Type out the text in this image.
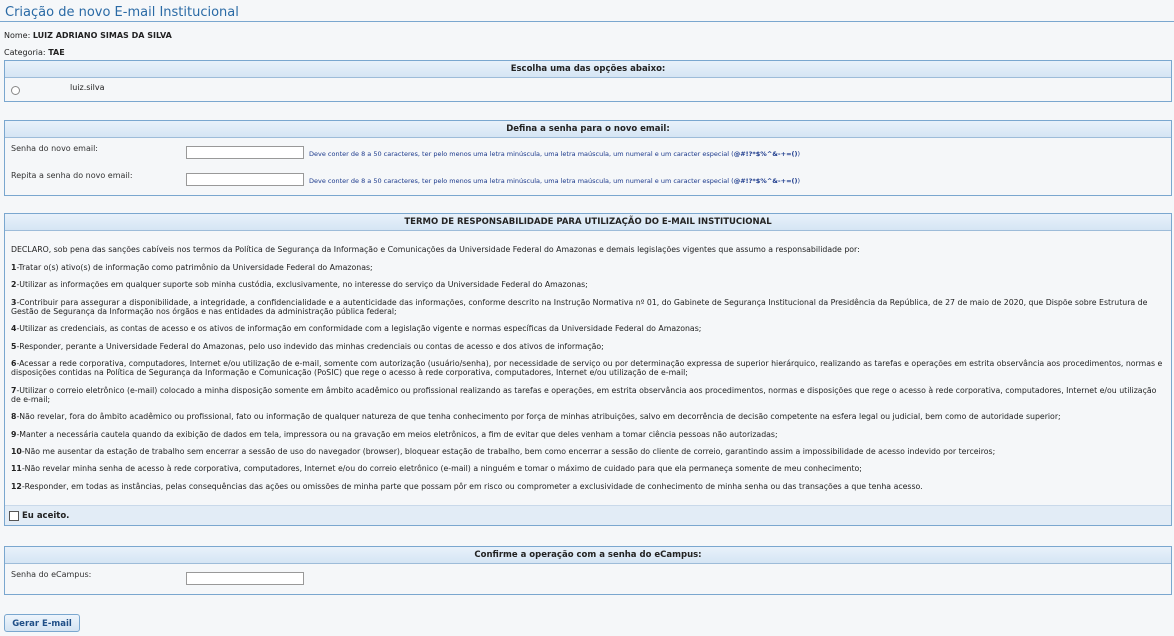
Criação de novo E-mail Institucional
Nome: LUIZ ADRIANO SIMAS DA SILVA
Categoria: TAE
Escolha uma das opções abaixo:
luiz.silva
Defina a senha para o novo email:
Senha do novo email:
Deve conter de 8 a 50 caracteres, ter pelo menos uma letra minúscula, uma letra maúscula, um numeral e um caracter especial (@#!?*$%^&-+=())
Repita a senha do novo email:
Deve conter de 8 a 50 caracteres, ter pelo menos uma letra minúscula, uma letra maúscula, um numeral e um caracter especial (@#!?*$%^&-+=())
TERMO DE RESPONSABILIDADE PARA UTILIZAÇÃO DO E-MAIL INSTITUCIONAL
DECLARO, sob pena das sanções cabíveis nos termos da Política de Segurança da Informação e Comunicações da Universidade Federal do Amazonas e demais legislações vigentes que assumo a responsabilidade por:
1-Tratar o(s) ativo(s) de informação como patrimônio da Universidade Federal do Amazonas;
2-Utilizar as informações em qualquer suporte sob minha custódia, exclusivamente, no interesse do serviço da Universidade Federal do Amazonas;
3-Contribuir para assegurar a disponibilidade, a integridade, a confidencialidade e a autenticidade das informações, conforme descrito na Instrução Normativa nº 01, do Gabinete de Segurança Institucional da Presidência da República, de 27 de maio de 2020, que Dispõe sobre Estrutura de Gestão de Segurança da Informação nos órgãos e nas entidades da administração pública federal;
4-Utilizar as credenciais, as contas de acesso e os ativos de informação em conformidade com a legislação vigente e normas específicas da Universidade Federal do Amazonas;
5-Responder, perante a Universidade Federal do Amazonas, pelo uso indevido das minhas credenciais ou contas de acesso e dos ativos de informação;
6-Acessar a rede corporativa, computadores, Internet e/ou utilização de e-mail, somente com autorização (usuário/senha), por necessidade de serviço ou por determinação expressa de superior hierárquico, realizando as tarefas e operações em estrita observância aos procedimentos, normas e disposições contidas na Política de Segurança da Informação e Comunicação (PoSIC) que rege o acesso à rede corporativa, computadores, Internet e/ou utilização de e-mail;
7-Utilizar o correio eletrônico (e-mail) colocado a minha disposição somente em âmbito acadêmico ou profissional realizando as tarefas e operações, em estrita observância aos procedimentos, normas e disposições que rege o acesso à rede corporativa, computadores, Internet e/ou utilização de e-mail;
8-Não revelar, fora do âmbito acadêmico ou profissional, fato ou informação de qualquer natureza de que tenha conhecimento por força de minhas atribuições, salvo em decorrência de decisão competente na esfera legal ou judicial, bem como de autoridade superior;
9-Manter a necessária cautela quando da exibição de dados em tela, impressora ou na gravação em meios eletrônicos, a fim de evitar que deles venham a tomar ciência pessoas não autorizadas;
10-Não me ausentar da estação de trabalho sem encerrar a sessão de uso do navegador (browser), bloquear estação de trabalho, bem como encerrar a sessão do cliente de correio, garantindo assim a impossibilidade de acesso indevido por terceiros;
11-Não revelar minha senha de acesso à rede corporativa, computadores, Internet e/ou do correio eletrônico (e-mail) a ninguém e tomar o máximo de cuidado para que ela permaneça somente de meu conhecimento;
12-Responder, em todas as instâncias, pelas consequências das ações ou omissões de minha parte que possam pôr em risco ou comprometer a exclusividade de conhecimento de minha senha ou das transações a que tenha acesso.
Eu aceito.
Confirme a operação com a senha do eCampus:
Senha do eCampus:
Gerar E-mail
